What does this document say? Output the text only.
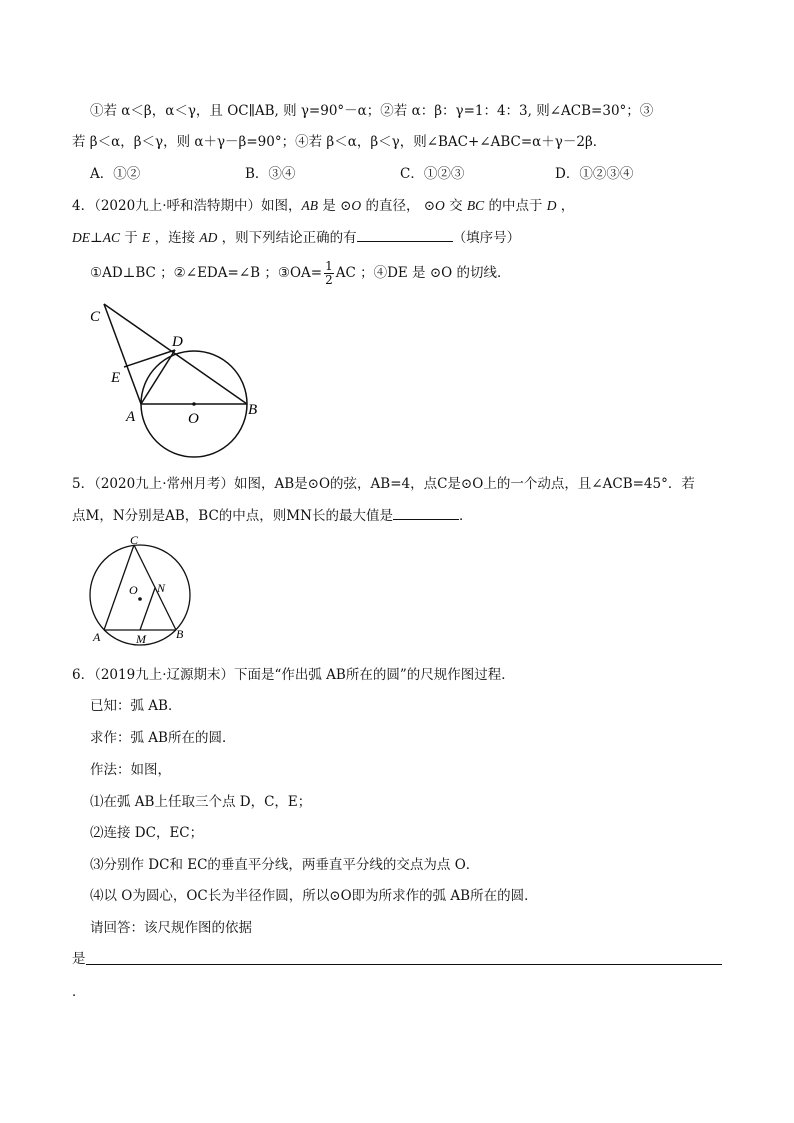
①若 α＜β，α＜γ，且 OC∥AB, 则 γ=90°－α；②若 α：β：γ=1：4：3, 则∠ACB=30°；③
若 β＜α，β＜γ，则 α＋γ－β=90°；④若 β＜α，β＜γ，则∠BAC+∠ABC=α＋γ－2β．
A．①②	B．③④	C．①②③	D．①②③④
4．（2020九上·呼和浩特期中）如图，AB 是 ⊙O 的直径， ⊙O 交 BC 的中点于 D ，
DE⊥AC 于 E ，连接 AD ，则下列结论正确的有	（填序号）
①AD⊥BC ；②∠EDA=∠B ；③OA= $\frac{1}{2}$ AC ；④DE 是 ⊙O 的切线．
C
D
E
A	O
B
5．（2020九上·常州月考）如图，AB是⊙O的弦，AB=4，点C是⊙O上的一个动点，且∠ACB=45°．若
点M，N分别是AB，BC的中点，则MN长的最大值是	．
C
O N
A	M	B
6．（2019九上·辽源期末）下面是“作出弧 AB所在的圆”的尺规作图过程．
已知：弧 AB．
求作：弧 AB所在的圆．
作法：如图，
⑴在弧 AB上任取三个点 D，C，E；
⑵连接 DC，EC；
⑶分别作 DC和 EC的垂直平分线，两垂直平分线的交点为点 O．
⑷以 O为圆心，OC长为半径作圆，所以⊙O即为所求作的弧 AB所在的圆．
请回答：该尺规作图的依据
是
．
